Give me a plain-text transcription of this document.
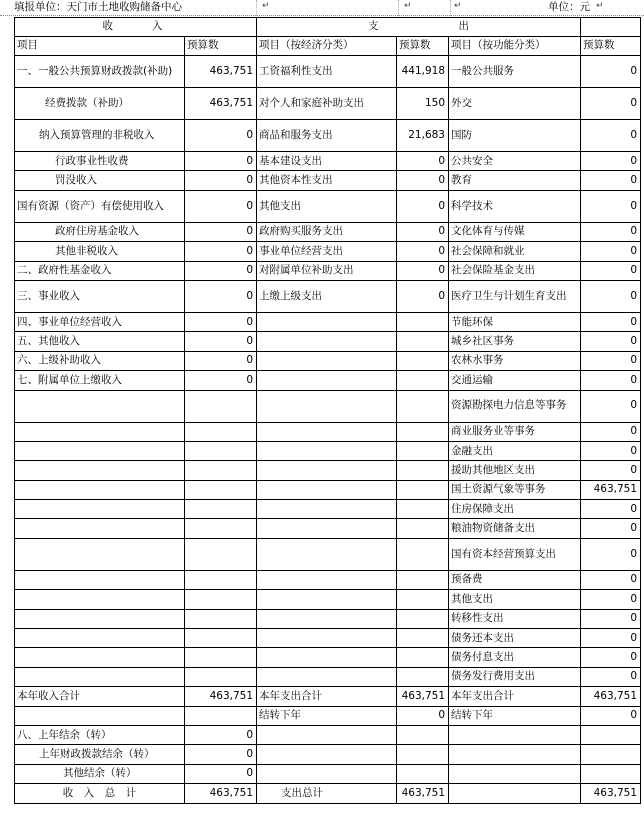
填报单位：天门市土地收购储备中心	↵	↵	↵	单位：元 ↵
收　　入		支 出			
项目	预算数	项目（按经济分类）	预算数	项目（按功能分类）	预算数
一、一般公共预算财政拨款(补助)	463,751	工资福利性支出	441,918	一般公共服务	0
经费拨款（补助）	463,751	对个人和家庭补助支出	150	外交	0
纳入预算管理的非税收入	0	商品和服务支出	21,683	国防	0
行政事业性收费	0	基本建设支出	0	公共安全	0
罚没收入	0	其他资本性支出	0	教育	0
国有资源（资产）有偿使用收入	0	其他支出	0	科学技术	0
政府住房基金收入	0	政府购买服务支出	0	文化体育与传媒	0
其他非税收入	0	事业单位经营支出	0	社会保障和就业	0
二、政府性基金收入	0	对附属单位补助支出	0	社会保险基金支出	0
三、事业收入	0	上缴上级支出	0	医疗卫生与计划生育支出	0
四、事业单位经营收入	0			节能环保	0
五、其他收入	0			城乡社区事务	0
六、上级补助收入	0			农林水事务	0
七、附属单位上缴收入	0			交通运输	0
				资源勘探电力信息等事务	0
				商业服务业等事务	0
				金融支出	0
				援助其他地区支出	0
				国土资源气象等事务	463,751
				住房保障支出	0
				粮油物资储备支出	0
				国有资本经营预算支出	0
				预备费	0
				其他支出	0
				转移性支出	0
				债务还本支出	0
				债务付息支出	0
				债务发行费用支出	0
本年收入合计	463,751	本年支出合计	463,751	本年支出合计	463,751
		结转下年	0	结转下年	0
八、上年结余（转）	0				
上年财政拨款结余（转）	0				
其他结余（转）	0				
收　入　总　计	463,751	支出总计	463,751		463,751
